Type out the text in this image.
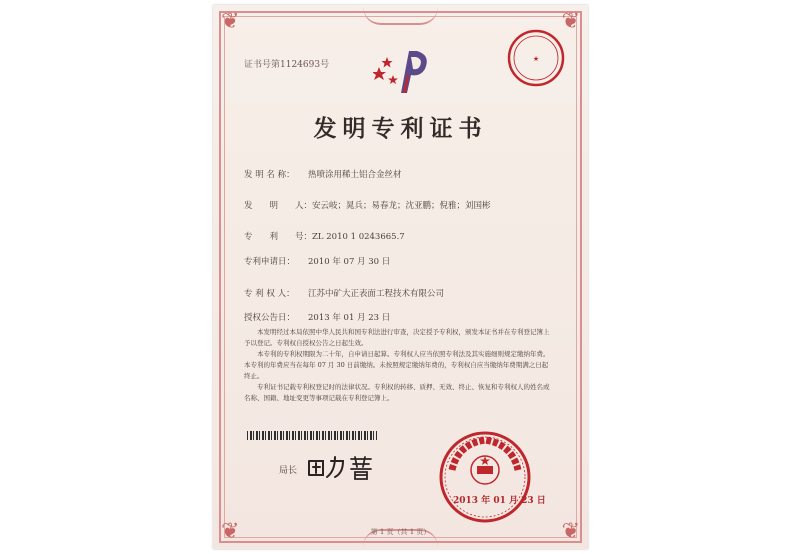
❦	❦
❦	❦
证书号第1124693号
★
发明专利证书
发 明 名 称： 热喷涂用稀土铝合金丝材
发　　明　　人：安云岐；晁兵；易春龙；沈亚鹏；倪雅；刘国彬
专　　利　　号：ZL 2010 1 0243665.7
专利申请日： 2010 年 07 月 30 日
专 利 权 人： 江苏中矿大正表面工程技术有限公司
授权公告日： 2013 年 01 月 23 日

本发明经过本局依照中华人民共和国专利法进行审查，决定授予专利权，颁发本证书并在专利登记簿上予以登记。专利权自授权公告之日起生效。

本专利的专利权期限为二十年，自申请日起算。专利权人应当依照专利法及其实施细则规定缴纳年费。本专利的年费应当在每年 07 月 30 日前缴纳。未按照规定缴纳年费的，专利权自应当缴纳年费期满之日起终止。

专利证书记载专利权登记时的法律状况。专利权的转移、质押、无效、终止、恢复和专利权人的姓名或名称、国籍、地址变更等事项记载在专利登记簿上。

局长
2013 年 01 月 23 日
第 1 页（共 1 页）
